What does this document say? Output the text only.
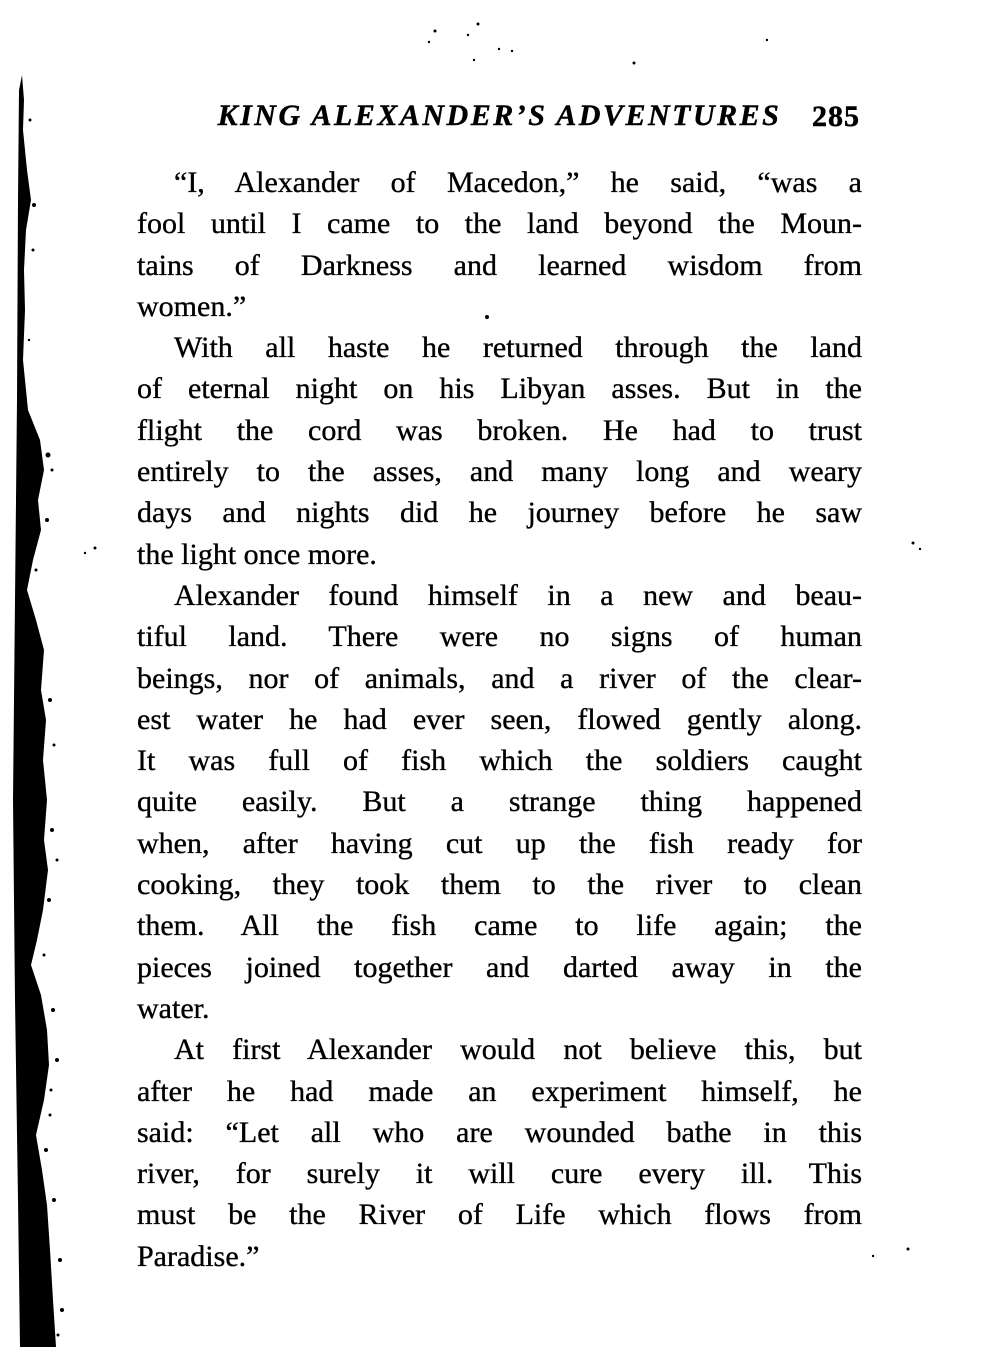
KING ALEXANDER’S ADVENTURES	285
“I, Alexander of Macedon,” he said, “was a
fool until I came to the land beyond the Moun-
tains of Darkness and learned wisdom from
women.”
With all haste he returned through the land
of eternal night on his Libyan asses. But in the
flight the cord was broken. He had to trust
entirely to the asses, and many long and weary
days and nights did he journey before he saw
the light once more.
Alexander found himself in a new and beau-
tiful land. There were no signs of human
beings, nor of animals, and a river of the clear-
est water he had ever seen, flowed gently along.
It was full of fish which the soldiers caught
quite easily. But a strange thing happened
when, after having cut up the fish ready for
cooking, they took them to the river to clean
them. All the fish came to life again; the
pieces joined together and darted away in the
water.
At first Alexander would not believe this, but
after he had made an experiment himself, he
said: “Let all who are wounded bathe in this
river, for surely it will cure every ill. This
must be the River of Life which flows from
Paradise.”
